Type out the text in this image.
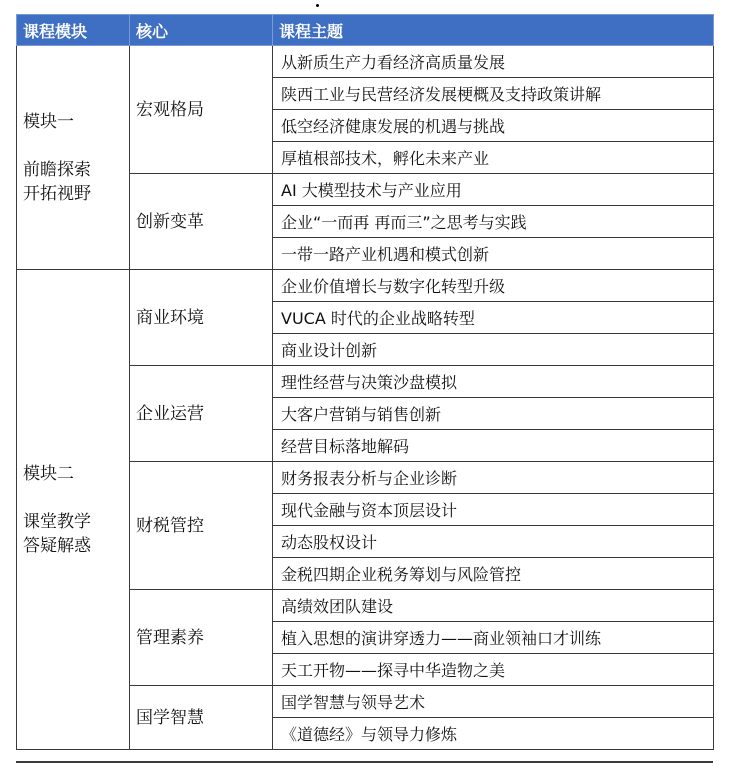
课程模块	核心	课程主题

模块一
前瞻探索
开拓视野	宏观格局	从新质生产力看经济高质量发展
		陕西工业与民营经济发展梗概及支持政策讲解
		低空经济健康发展的机遇与挑战
		厚植根部技术，孵化未来产业
	创新变革	AI 大模型技术与产业应用
		企业“一而再 再而三”之思考与实践
		一带一路产业机遇和模式创新

模块二
课堂教学
答疑解惑	商业环境	企业价值增长与数字化转型升级
		VUCA 时代的企业战略转型
		商业设计创新
	企业运营	理性经营与决策沙盘模拟
		大客户营销与销售创新
		经营目标落地解码
	财税管控	财务报表分析与企业诊断
		现代金融与资本顶层设计
		动态股权设计
		金税四期企业税务筹划与风险管控
	管理素养	高绩效团队建设
		植入思想的演讲穿透力——商业领袖口才训练
		天工开物——探寻中华造物之美
	国学智慧	国学智慧与领导艺术
		《道德经》与领导力修炼
